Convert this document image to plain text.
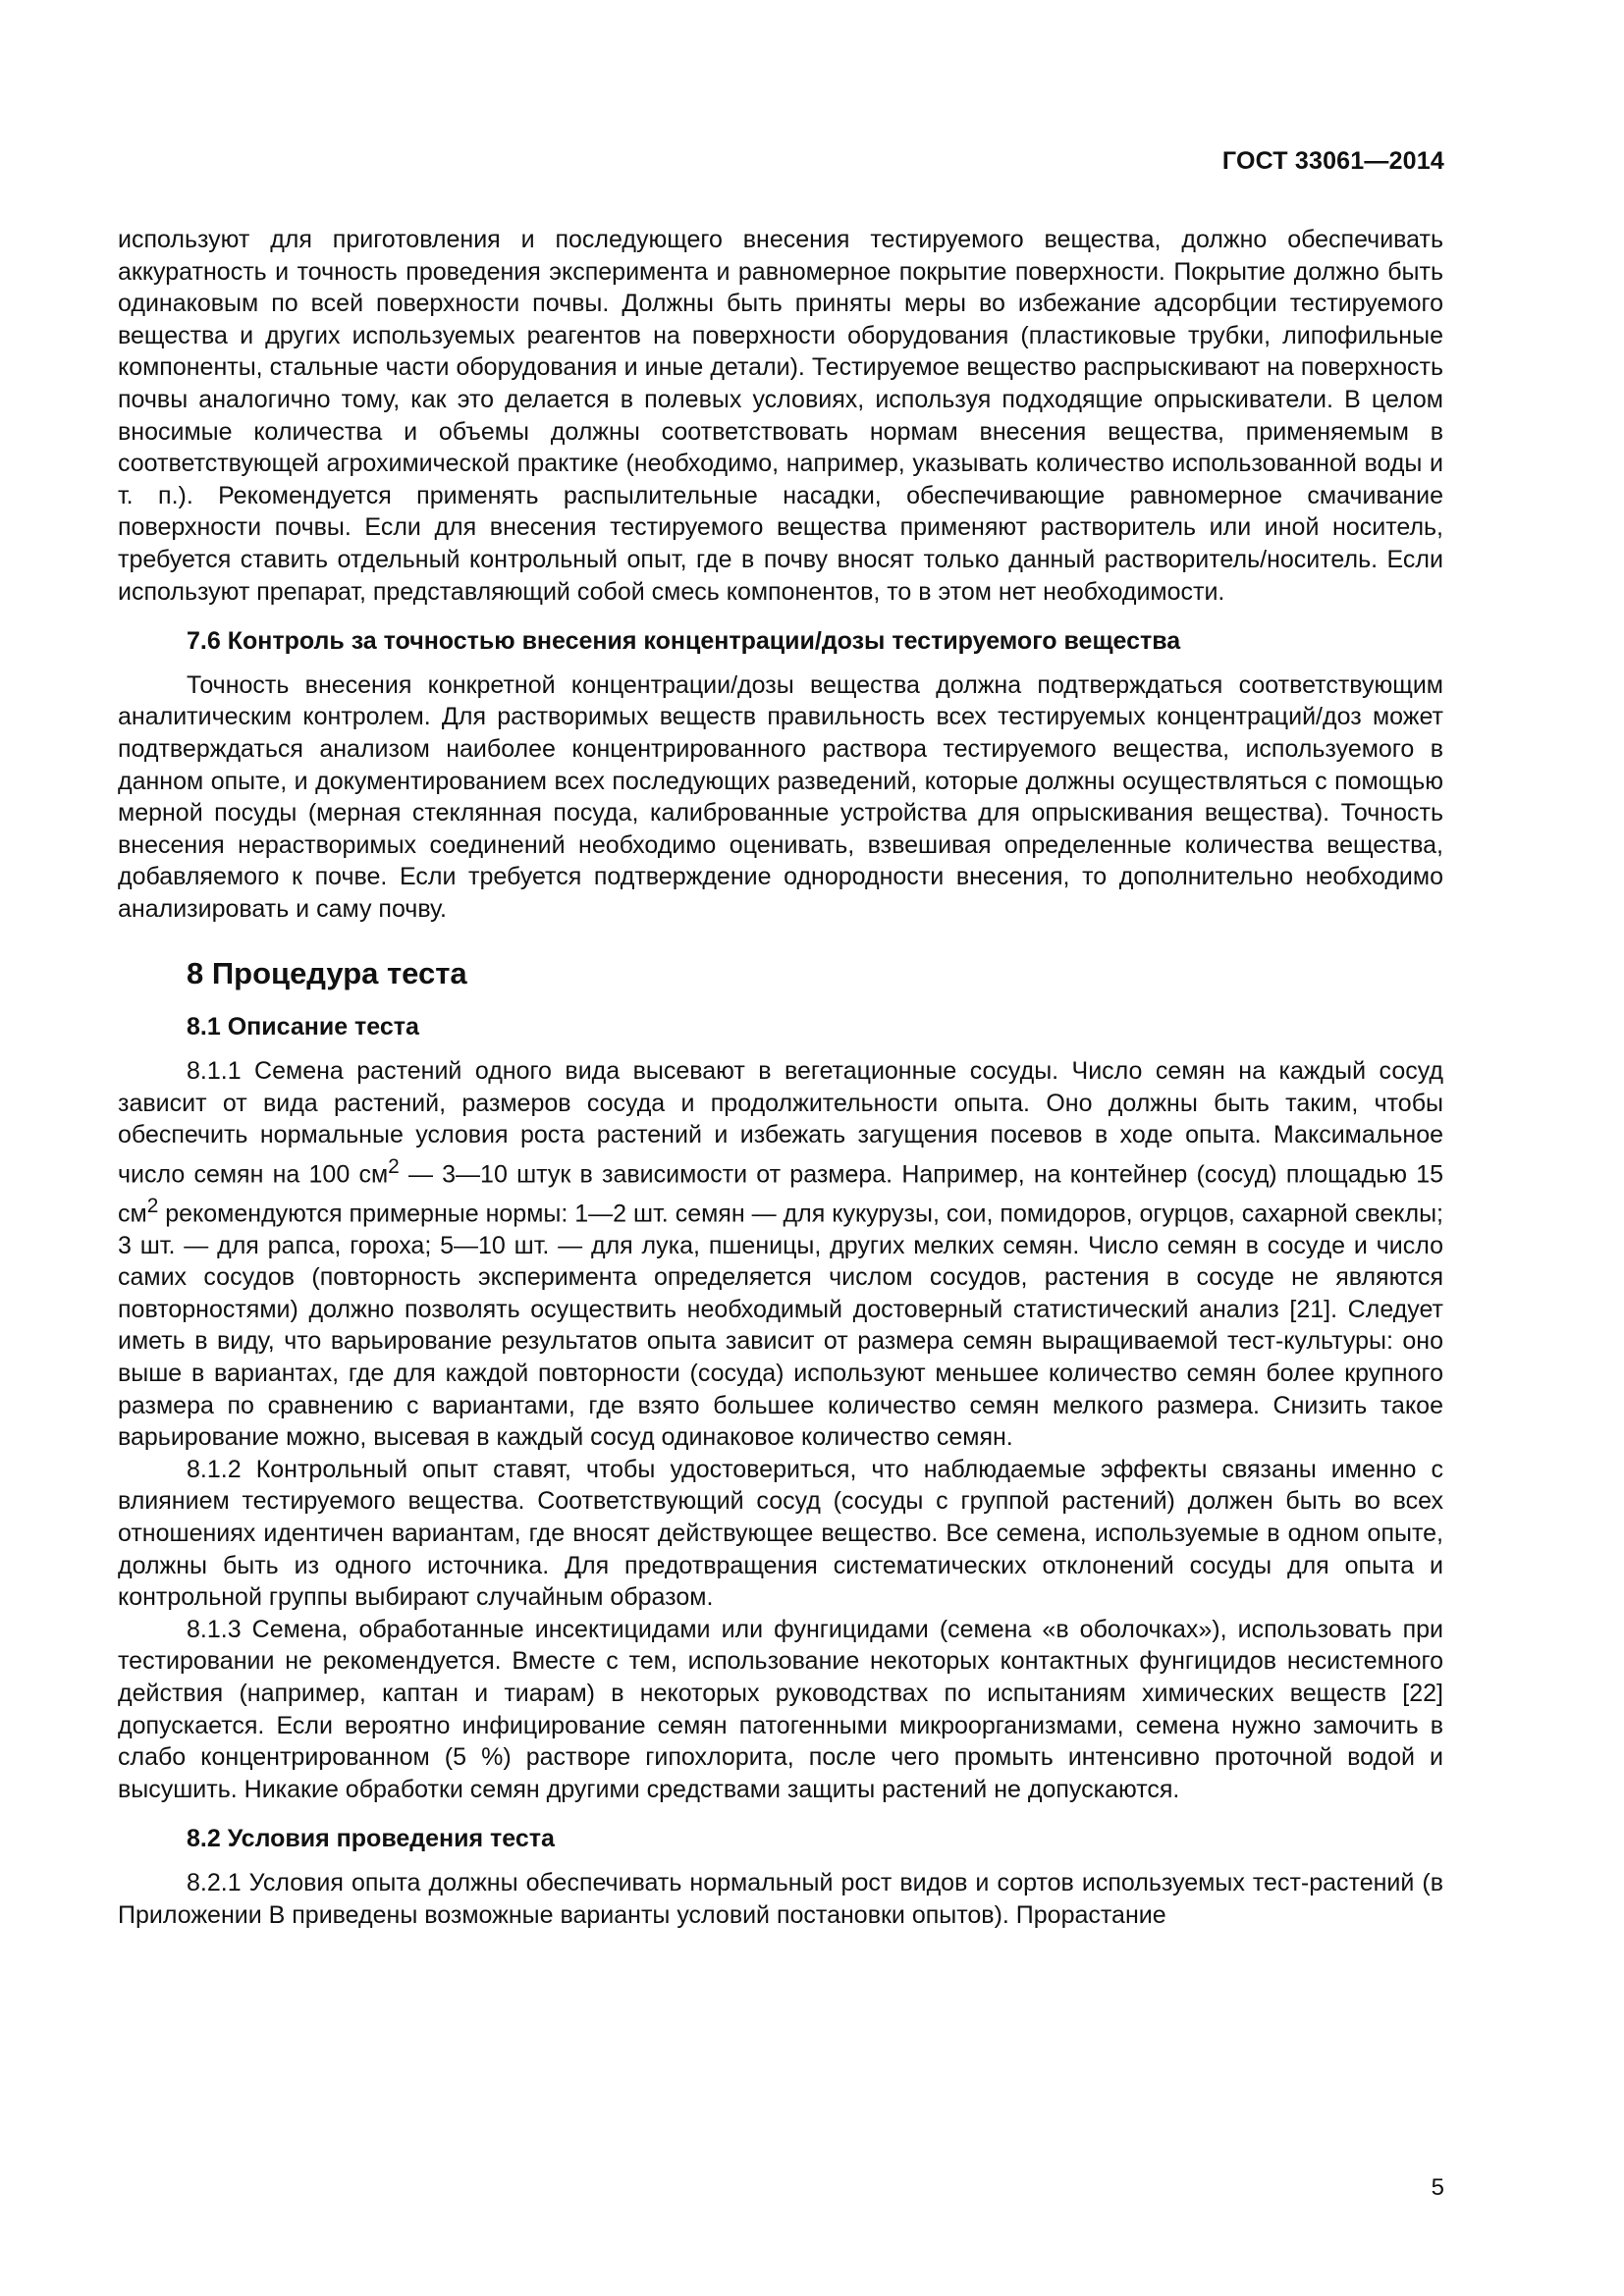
ГОСТ 33061—2014

используют для приготовления и последующего внесения тестируемого вещества, должно обеспечивать аккуратность и точность проведения эксперимента и равномерное покрытие поверхности. Покрытие должно быть одинаковым по всей поверхности почвы. Должны быть приняты меры во избежание адсорбции тестируемого вещества и других используемых реагентов на поверхности оборудования (пластиковые трубки, липофильные компоненты, стальные части оборудования и иные детали). Тестируемое вещество распрыскивают на поверхность почвы аналогично тому, как это делается в полевых условиях, используя подходящие опрыскиватели. В целом вносимые количества и объемы должны соответствовать нормам внесения вещества, применяемым в соответствующей агрохимической практике (необходимо, например, указывать количество использованной воды и т. п.). Рекомендуется применять распылительные насадки, обеспечивающие равномерное смачивание поверхности почвы. Если для внесения тестируемого вещества применяют растворитель или иной носитель, требуется ставить отдельный контрольный опыт, где в почву вносят только данный растворитель/носитель. Если используют препарат, представляющий собой смесь компонентов, то в этом нет необходимости.

7.6 Контроль за точностью внесения концентрации/дозы тестируемого вещества

Точность внесения конкретной концентрации/дозы вещества должна подтверждаться соответствующим аналитическим контролем. Для растворимых веществ правильность всех тестируемых концентраций/доз может подтверждаться анализом наиболее концентрированного раствора тестируемого вещества, используемого в данном опыте, и документированием всех последующих разведений, которые должны осуществляться с помощью мерной посуды (мерная стеклянная посуда, калиброванные устройства для опрыскивания вещества). Точность внесения нерастворимых соединений необходимо оценивать, взвешивая определенные количества вещества, добавляемого к почве. Если требуется подтверждение однородности внесения, то дополнительно необходимо анализировать и саму почву.

8 Процедура теста
8.1 Описание теста

8.1.1 Семена растений одного вида высевают в вегетационные сосуды. Число семян на каждый сосуд зависит от вида растений, размеров сосуда и продолжительности опыта. Оно должны быть таким, чтобы обеспечить нормальные условия роста растений и избежать загущения посевов в ходе опыта. Максимальное число семян на 100 $см^2$ — 3—10 штук в зависимости от размера. Например, на контейнер (сосуд) площадью 15 $см^2$ рекомендуются примерные нормы: 1—2 шт. семян — для кукурузы, сои, помидоров, огурцов, сахарной свеклы; 3 шт. — для рапса, гороха; 5—10 шт. — для лука, пшеницы, других мелких семян. Число семян в сосуде и число самих сосудов (повторность эксперимента определяется числом сосудов, растения в сосуде не являются повторностями) должно позволять осуществить необходимый достоверный статистический анализ [21]. Следует иметь в виду, что варьирование результатов опыта зависит от размера семян выращиваемой тест-культуры: оно выше в вариантах, где для каждой повторности (сосуда) используют меньшее количество семян более крупного размера по сравнению с вариантами, где взято большее количество семян мелкого размера. Снизить такое варьирование можно, высевая в каждый сосуд одинаковое количество семян.

8.1.2 Контрольный опыт ставят, чтобы удостовериться, что наблюдаемые эффекты связаны именно с влиянием тестируемого вещества. Соответствующий сосуд (сосуды с группой растений) должен быть во всех отношениях идентичен вариантам, где вносят действующее вещество. Все семена, используемые в одном опыте, должны быть из одного источника. Для предотвращения систематических отклонений сосуды для опыта и контрольной группы выбирают случайным образом.

8.1.3 Семена, обработанные инсектицидами или фунгицидами (семена «в оболочках»), использовать при тестировании не рекомендуется. Вместе с тем, использование некоторых контактных фунгицидов несистемного действия (например, каптан и тиарам) в некоторых руководствах по испытаниям химических веществ [22] допускается. Если вероятно инфицирование семян патогенными микроорганизмами, семена нужно замочить в слабо концентрированном (5 %) растворе гипохлорита, после чего промыть интенсивно проточной водой и высушить. Никакие обработки семян другими средствами защиты растений не допускаются.

8.2 Условия проведения теста

8.2.1 Условия опыта должны обеспечивать нормальный рост видов и сортов используемых тест-растений (в Приложении В приведены возможные варианты условий постановки опытов). Прорастание

5
